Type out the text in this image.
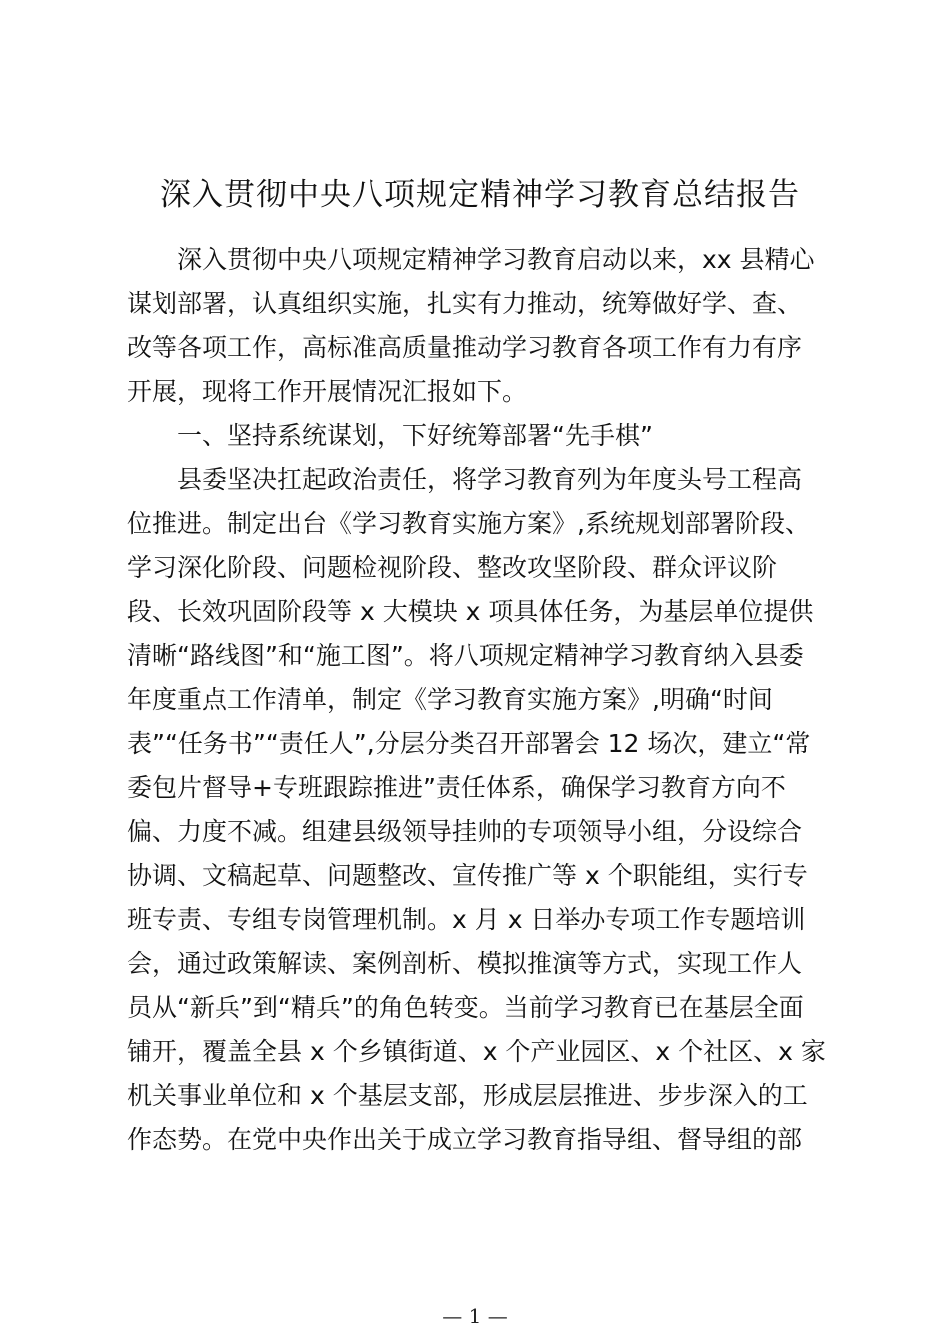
深入贯彻中央八项规定精神学习教育总结报告
深入贯彻中央八项规定精神学习教育启动以来，xx 县精心
谋划部署，认真组织实施，扎实有力推动，统筹做好学、查、
改等各项工作，高标准高质量推动学习教育各项工作有力有序
开展，现将工作开展情况汇报如下。
一、坚持系统谋划，下好统筹部署“先手棋”
县委坚决扛起政治责任，将学习教育列为年度头号工程高
位推进。制定出台《学习教育实施方案》,系统规划部署阶段、
学习深化阶段、问题检视阶段、整改攻坚阶段、群众评议阶
段、长效巩固阶段等 x 大模块 x 项具体任务，为基层单位提供
清晰“路线图”和“施工图”。将八项规定精神学习教育纳入县委
年度重点工作清单，制定《学习教育实施方案》,明确“时间
表”“任务书”“责任人”,分层分类召开部署会 12 场次，建立“常
委包片督导+专班跟踪推进”责任体系，确保学习教育方向不
偏、力度不减。组建县级领导挂帅的专项领导小组，分设综合
协调、文稿起草、问题整改、宣传推广等 x 个职能组，实行专
班专责、专组专岗管理机制。x 月 x 日举办专项工作专题培训
会，通过政策解读、案例剖析、模拟推演等方式，实现工作人
员从“新兵”到“精兵”的角色转变。当前学习教育已在基层全面
铺开，覆盖全县 x 个乡镇街道、x 个产业园区、x 个社区、x 家
机关事业单位和 x 个基层支部，形成层层推进、步步深入的工
作态势。在党中央作出关于成立学习教育指导组、督导组的部
— 1 —
